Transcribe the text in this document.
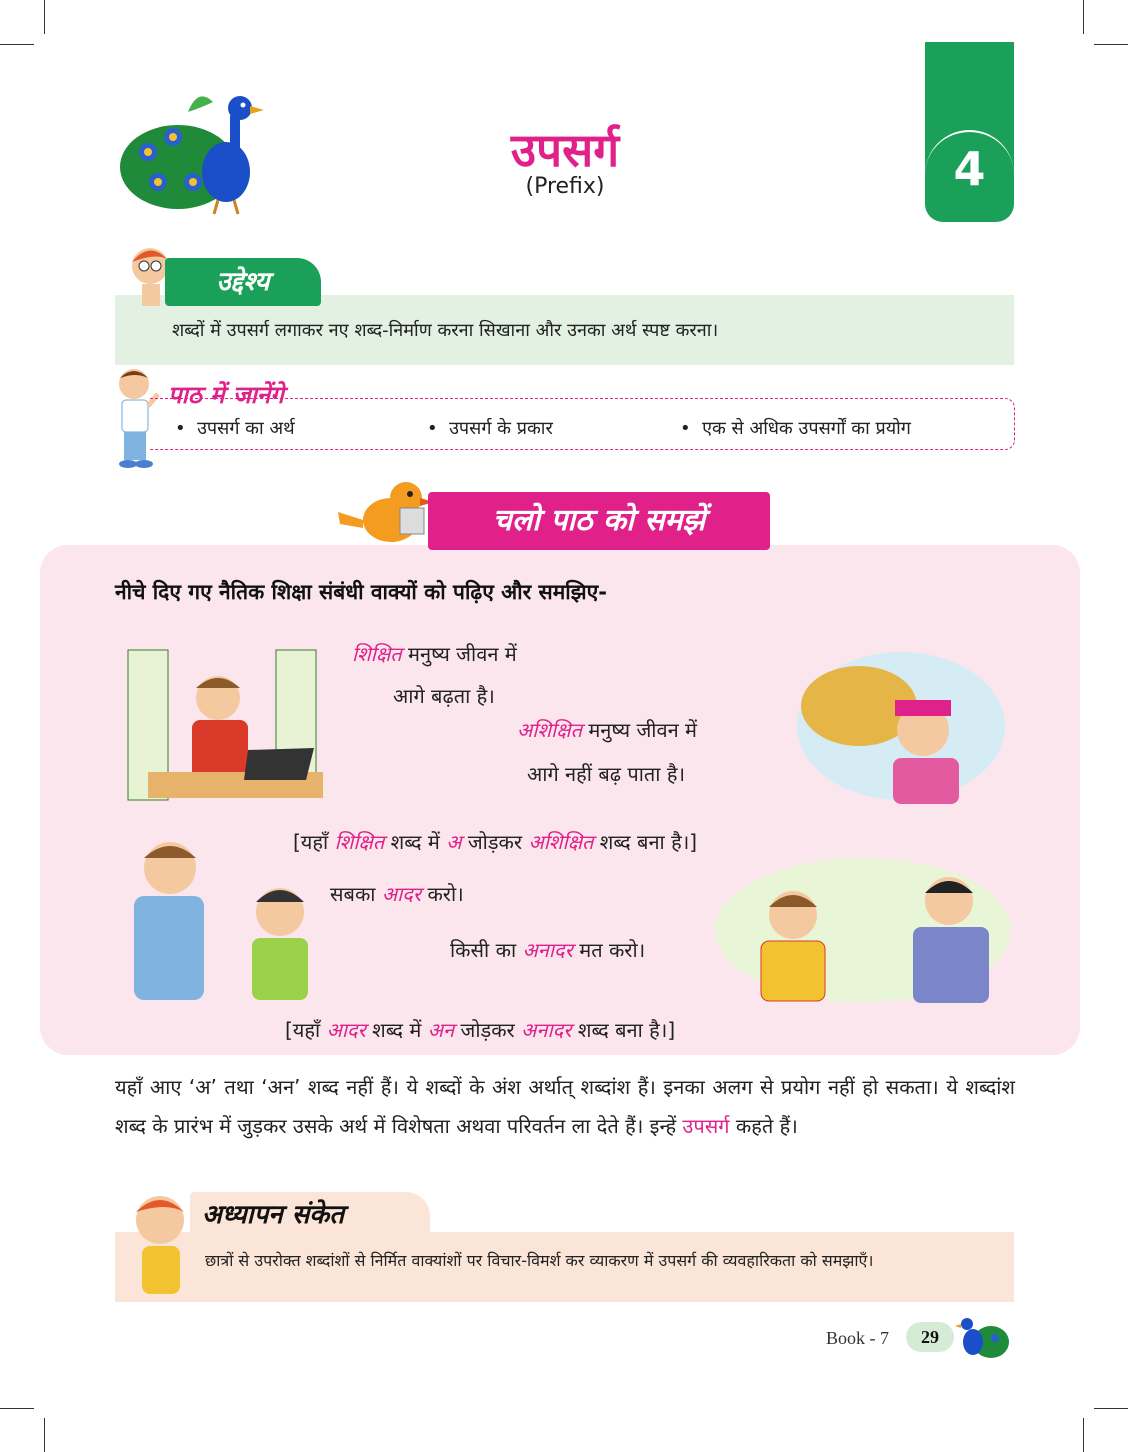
उपसर्ग
(Prefix)	4
उद्देश्य
शब्दों में उपसर्ग लगाकर नए शब्द-निर्माण करना सिखाना और उनका अर्थ स्पष्ट करना।
पाठ में जानेंगे
•  उपसर्ग का अर्थ	•  उपसर्ग के प्रकार	•  एक से अधिक उपसर्गों का प्रयोग
चलो पाठ को समझें
नीचे दिए गए नैतिक शिक्षा संबंधी वाक्यों को पढ़िए और समझिए-
शिक्षित मनुष्य जीवन में
आगे बढ़ता है।
अशिक्षित मनुष्य जीवन में
आगे नहीं बढ़ पाता है।
[यहाँ शिक्षित शब्द में अ जोड़कर अशिक्षित शब्द बना है।]
सबका आदर करो।
किसी का अनादर मत करो।
[यहाँ आदर शब्द में अन जोड़कर अनादर शब्द बना है।]
यहाँ आए ‘अ’ तथा ‘अन’ शब्द नहीं हैं। ये शब्दों के अंश अर्थात् शब्दांश हैं। इनका अलग से प्रयोग नहीं हो सकता। ये शब्दांश शब्द के प्रारंभ में जुड़कर उसके अर्थ में विशेषता अथवा परिवर्तन ला देते हैं। इन्हें उपसर्ग कहते हैं।
अध्यापन संकेत
छात्रों से उपरोक्त शब्दांशों से निर्मित वाक्यांशों पर विचार-विमर्श कर व्याकरण में उपसर्ग की व्यवहारिकता को समझाएँ।
Book - 7	29
